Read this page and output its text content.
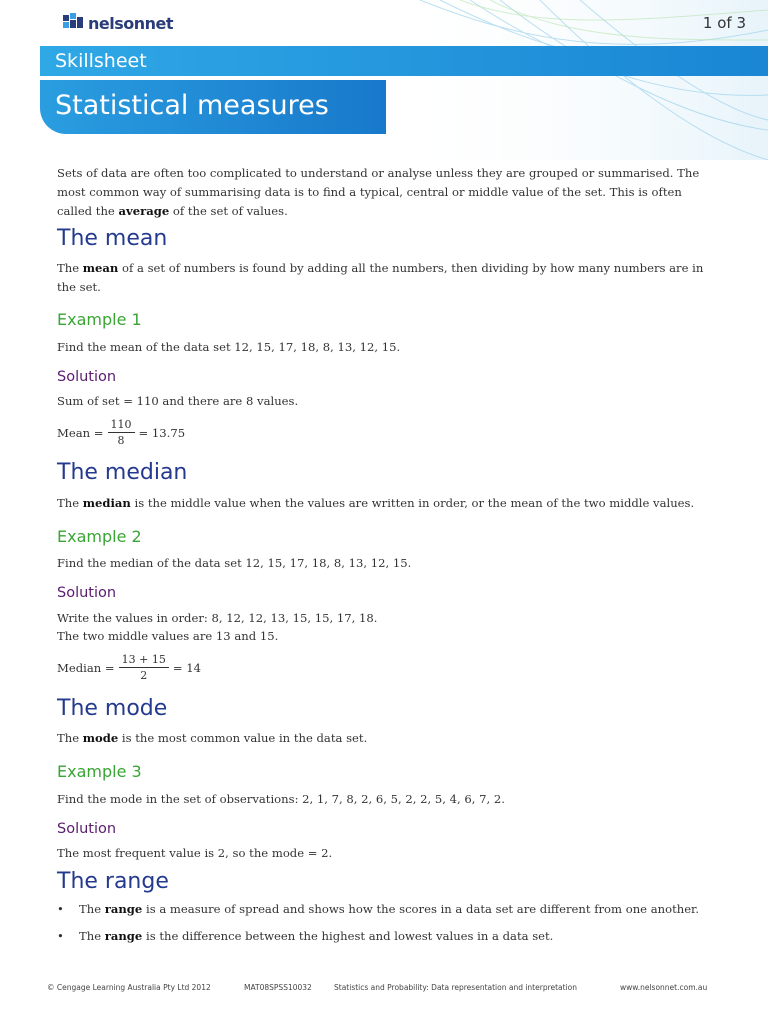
nelsonnet	1 of 3
Skillsheet
Statistical measures
Sets of data are often too complicated to understand or analyse unless they are grouped or summarised. The most common way of summarising data is to find a typical, central or middle value of the set. This is often called the average of the set of values.
The mean
The mean of a set of numbers is found by adding all the numbers, then dividing by how many numbers are in the set.
Example 1
Find the mean of the data set 12, 15, 17, 18, 8, 13, 12, 15.
Solution
Sum of set = 110 and there are 8 values.
Mean = $\frac{110}{8} = 13.75$
The median
The median is the middle value when the values are written in order, or the mean of the two middle values.
Example 2
Find the median of the data set 12, 15, 17, 18, 8, 13, 12, 15.
Solution
Write the values in order: 8, 12, 12, 13, 15, 15, 17, 18.
The two middle values are 13 and 15.
Median = $\frac{13 + 15}{2} = 14$
The mode
The mode is the most common value in the data set.
Example 3
Find the mode in the set of observations: 2, 1, 7, 8, 2, 6, 5, 2, 2, 5, 4, 6, 7, 2.
Solution
The most frequent value is 2, so the mode = 2.
The range
•	The range is a measure of spread and shows how the scores in a data set are different from one another.
•	The range is the difference between the highest and lowest values in a data set.
© Cengage Learning Australia Pty Ltd 2012	MAT08SPSS10032	Statistics and Probability: Data representation and interpretation	www.nelsonnet.com.au
